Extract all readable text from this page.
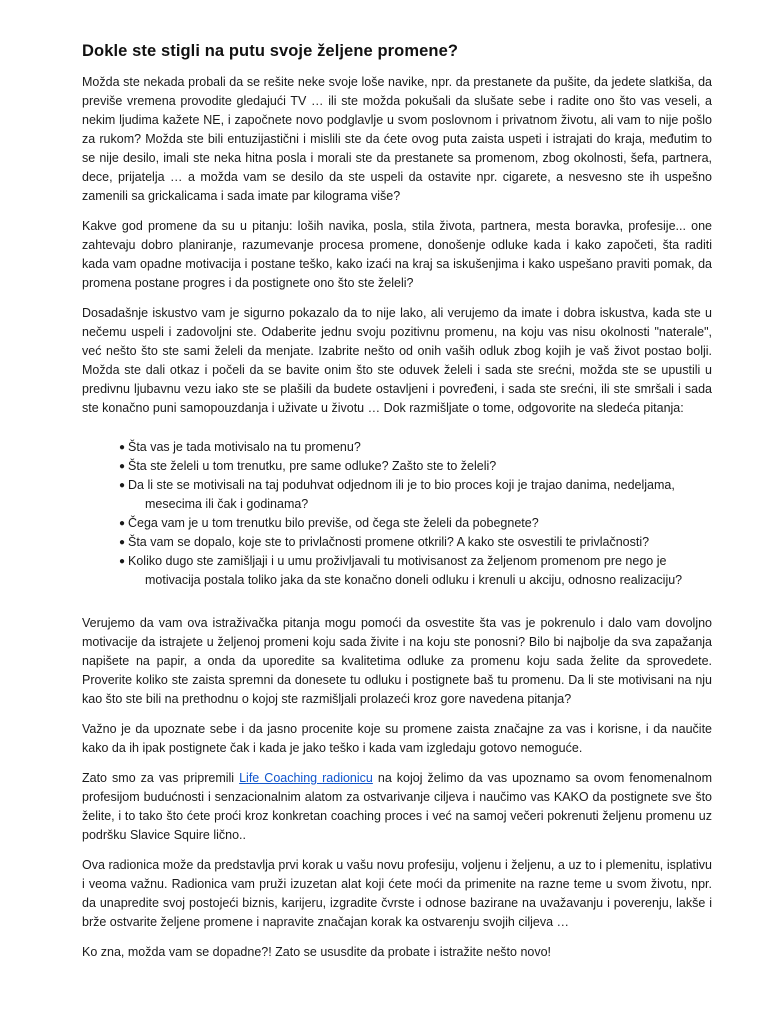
Dokle ste stigli na putu svoje željene promene?

Možda ste nekada probali da se rešite neke svoje loše navike, npr. da prestanete da pušite, da jedete slatkiša, da previše vremena provodite gledajući TV … ili ste možda pokušali da slušate sebe i radite ono što vas veseli, a nekim ljudima kažete NE, i započnete novo podglavlje u svom poslovnom i privatnom životu, ali vam to nije pošlo za rukom? Možda ste bili entuzijastični i mislili ste da ćete ovog puta zaista uspeti i istrajati do kraja, međutim to se nije desilo, imali ste neka hitna posla i morali ste da prestanete sa promenom, zbog okolnosti, šefa, partnera, dece, prijatelja … a možda vam se desilo da ste uspeli da ostavite npr. cigarete, a nesvesno ste ih uspešno zamenili sa grickalicama i sada imate par kilograma više?

Kakve god promene da su u pitanju: loših navika, posla, stila života, partnera, mesta boravka, profesije... one zahtevaju dobro planiranje, razumevanje procesa promene, donošenje odluke kada i kako započeti, šta raditi kada vam opadne motivacija i postane teško, kako izaći na kraj sa iskušenjima i kako uspešano praviti pomak, da promena postane progres i da postignete ono što ste želeli?

Dosadašnje iskustvo vam je sigurno pokazalo da to nije lako, ali verujemo da imate i dobra iskustva, kada ste u nečemu uspeli i zadovoljni ste. Odaberite jednu svoju pozitivnu promenu, na koju vas nisu okolnosti "naterale", već nešto što ste sami želeli da menjate. Izabrite nešto od onih vaših odluk zbog kojih je vaš život postao bolji. Možda ste dali otkaz i počeli da se bavite onim što ste oduvek želeli i sada ste srećni, možda ste se upustili u predivnu ljubavnu vezu iako ste se plašili da budete ostavljeni i povređeni, i sada ste srećni, ili ste smršali i sada ste konačno puni samopouzdanja i uživate u životu … Dok razmišljate o tome, odgovorite na sledeća pitanja:

● Šta vas je tada motivisalo na tu promenu?
● Šta ste želeli u tom trenutku, pre same odluke? Zašto ste to želeli?
● Da li ste se motivisali na taj poduhvat odjednom ili je to bio proces koji je trajao danima, nedeljama,
mesecima ili čak i godinama?
● Čega vam je u tom trenutku bilo previše, od čega ste želeli da pobegnete?
● Šta vam se dopalo, koje ste to privlačnosti promene otkrili? A kako ste osvestili te privlačnosti?
● Koliko dugo ste zamišljaji i u umu proživljavali tu motivisanost za željenom promenom pre nego je
motivacija postala toliko jaka da ste konačno doneli odluku i krenuli u akciju, odnosno realizaciju?

Verujemo da vam ova istraživačka pitanja mogu pomoći da osvestite šta vas je pokrenulo i dalo vam dovoljno motivacije da istrajete u željenoj promeni koju sada živite i na koju ste ponosni? Bilo bi najbolje da sva zapažanja napišete na papir, a onda da uporedite sa kvalitetima odluke za promenu koju sada želite da sprovedete. Proverite koliko ste zaista spremni da donesete tu odluku i postignete baš tu promenu. Da li ste motivisani na nju kao što ste bili na prethodnu o kojoj ste razmišljali prolazeći kroz gore navedena pitanja?

Važno je da upoznate sebe i da jasno procenite koje su promene zaista značajne za vas i korisne, i da naučite kako da ih ipak postignete čak i kada je jako teško i kada vam izgledaju gotovo nemoguće.

Zato smo za vas pripremili Life Coaching radionicu na kojoj želimo da vas upoznamo sa ovom fenomenalnom profesijom budućnosti i senzacionalnim alatom za ostvarivanje ciljeva i naučimo vas KAKO da postignete sve što želite, i to tako što ćete proći kroz konkretan coaching proces i već na samoj večeri pokrenuti željenu promenu uz podršku Slavice Squire lično..

Ova radionica može da predstavlja prvi korak u vašu novu profesiju, voljenu i željenu, a uz to i plemenitu, isplativu i veoma važnu. Radionica vam pruži izuzetan alat koji ćete moći da primenite na razne teme u svom životu, npr. da unapredite svoj postojeći biznis, karijeru, izgradite čvrste i odnose bazirane na uvažavanju i poverenju, lakše i brže ostvarite željene promene i napravite značajan korak ka ostvarenju svojih ciljeva …

Ko zna, možda vam se dopadne?! Zato se ususdite da probate i istražite nešto novo!
